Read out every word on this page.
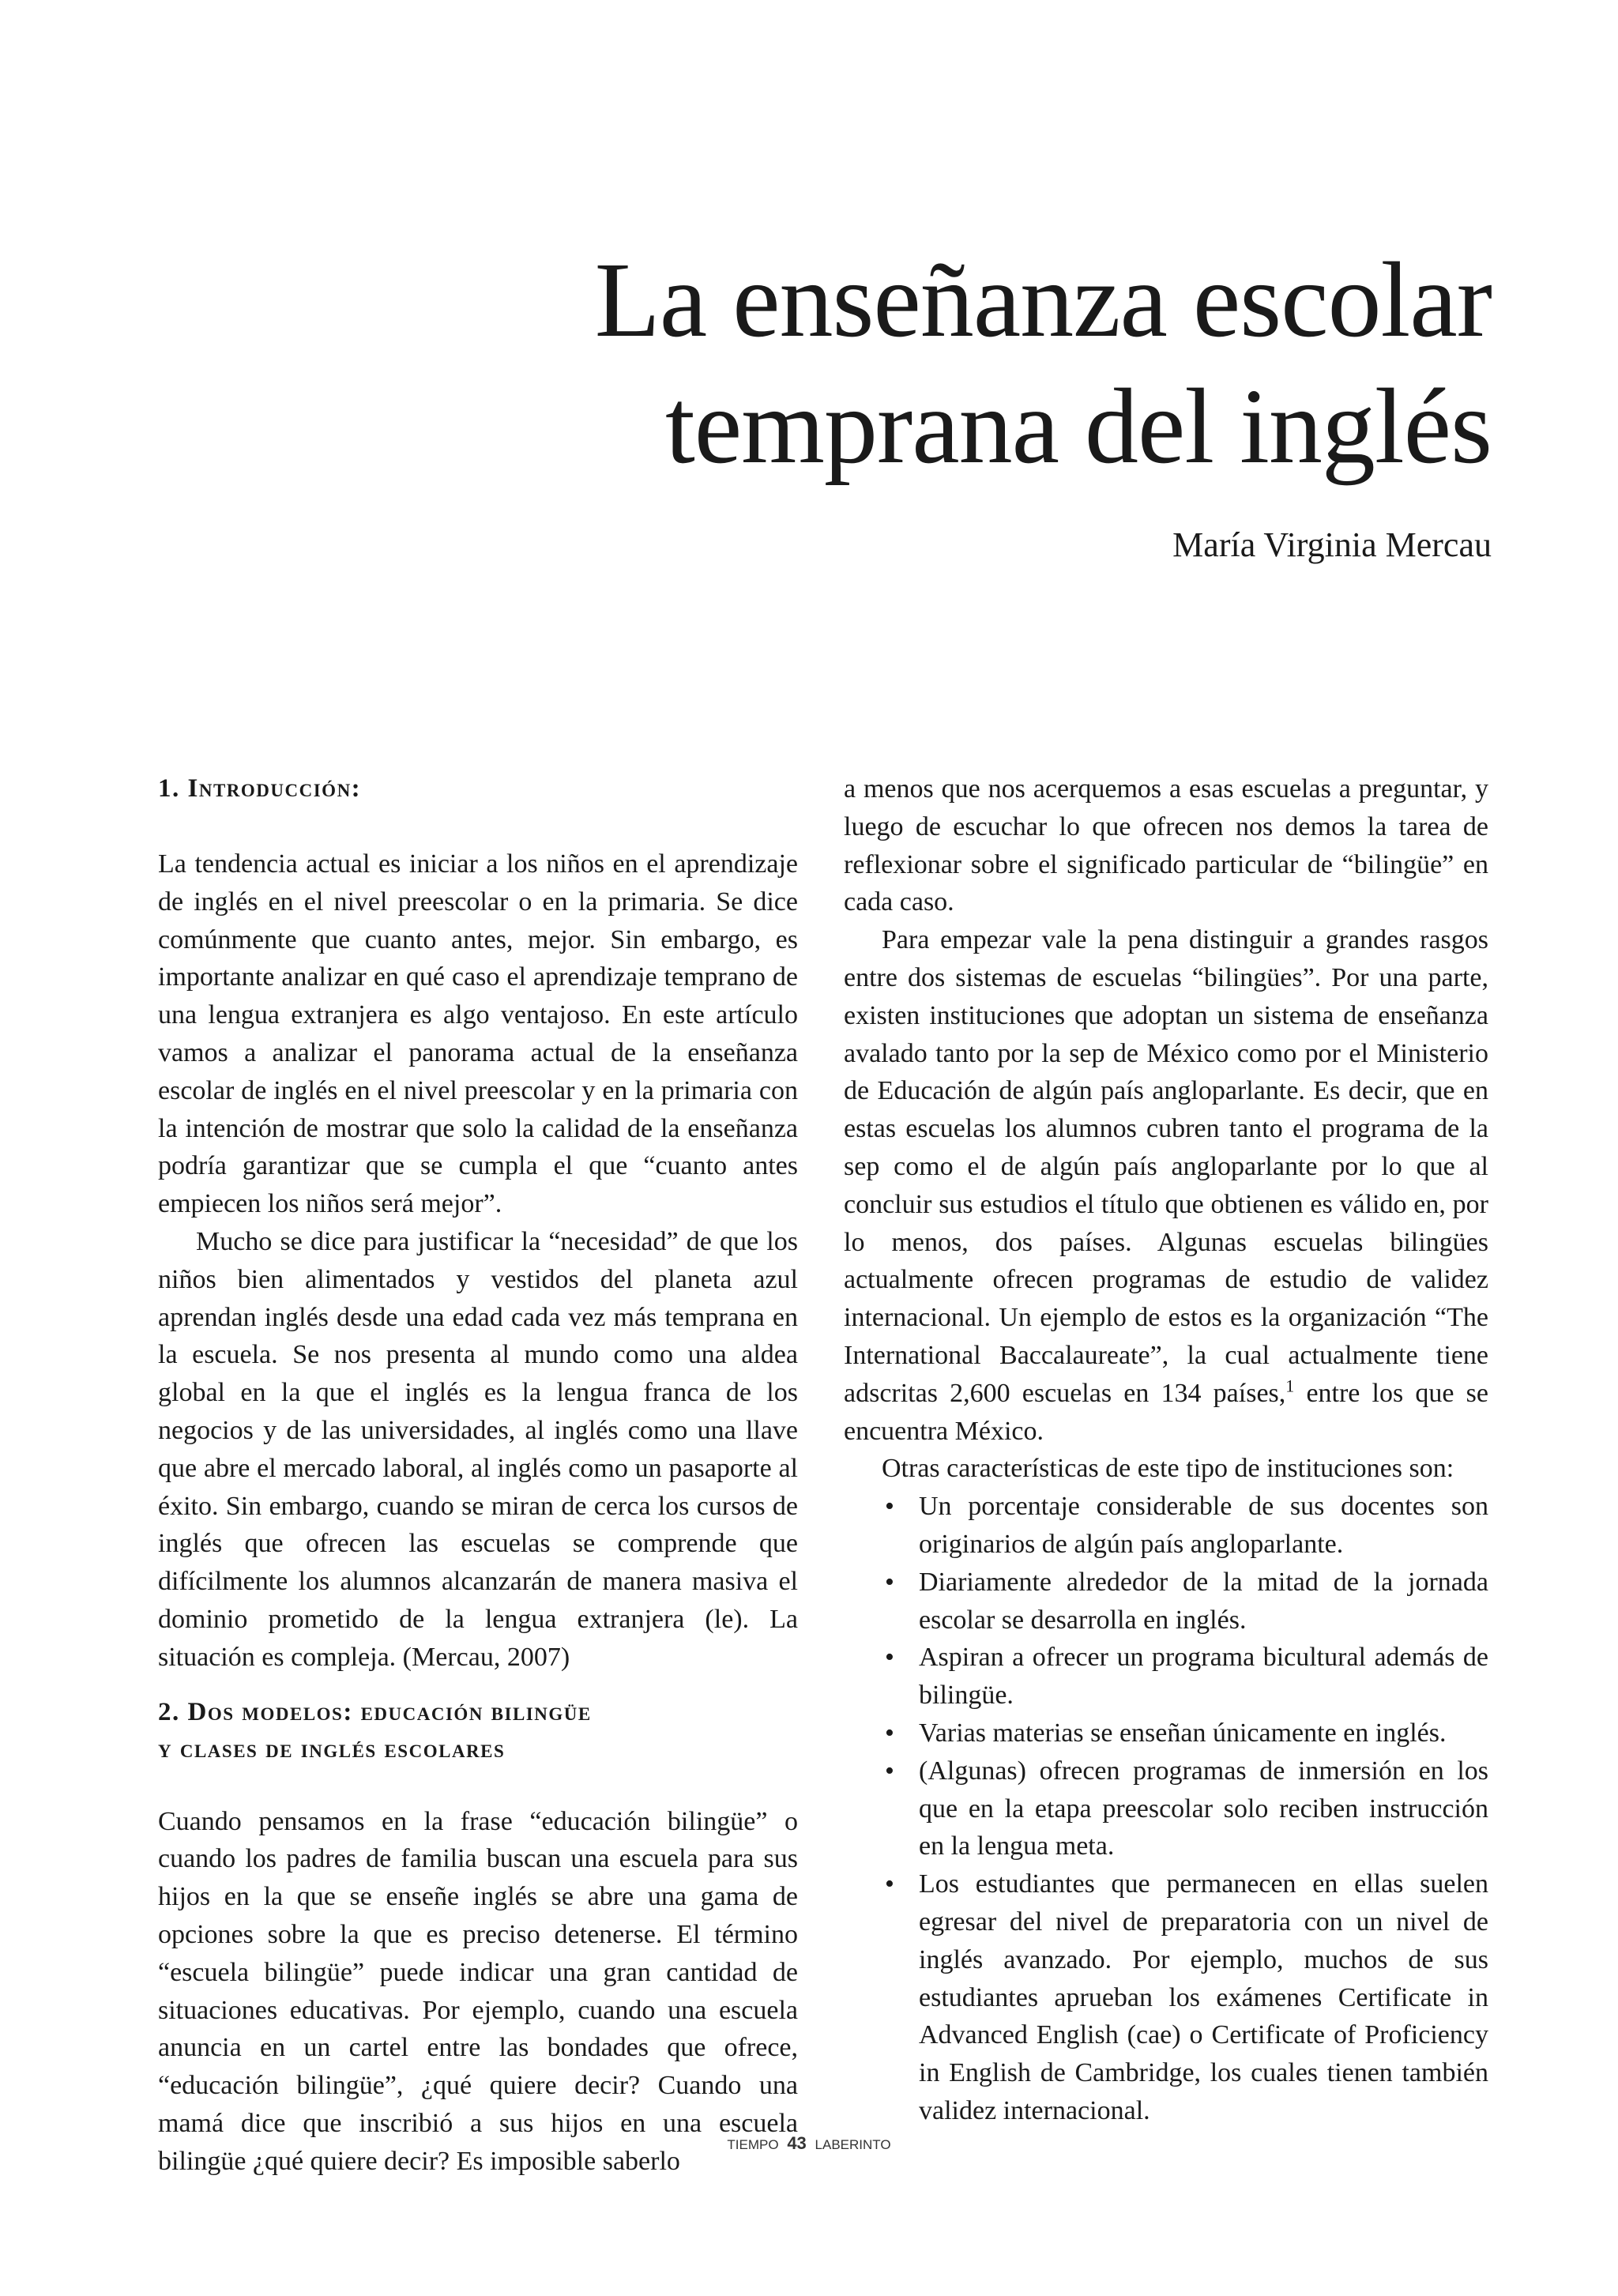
La enseñanza escolar
temprana del inglés
María Virginia Mercau
1. Introducción:

La tendencia actual es iniciar a los niños en el aprendizaje de inglés en el nivel preescolar o en la primaria. Se dice comúnmente que cuanto antes, mejor. Sin embargo, es importante analizar en qué caso el aprendizaje temprano de una lengua extranjera es algo ventajoso. En este artículo vamos a analizar el panorama actual de la enseñanza escolar de inglés en el nivel preescolar y en la primaria con la intención de mostrar que solo la calidad de la enseñanza podría garantizar que se cumpla el que “cuanto antes empiecen los niños será mejor”.

Mucho se dice para justificar la “necesidad” de que los niños bien alimentados y vestidos del planeta azul aprendan inglés desde una edad cada vez más temprana en la escuela. Se nos presenta al mundo como una aldea global en la que el inglés es la lengua franca de los negocios y de las universidades, al inglés como una llave que abre el mercado laboral, al inglés como un pasaporte al éxito. Sin embargo, cuando se miran de cerca los cursos de inglés que ofrecen las escuelas se comprende que difícilmente los alumnos alcanzarán de manera masiva el dominio prometido de la lengua extranjera (le). La situación es compleja. (Mercau, 2007)

2. Dos modelos: educación bilingüe
y clases de inglés escolares

Cuando pensamos en la frase “educación bilingüe” o cuando los padres de familia buscan una escuela para sus hijos en la que se enseñe inglés se abre una gama de opciones sobre la que es preciso detenerse. El término “escuela bilingüe” puede indicar una gran cantidad de situaciones educativas. Por ejemplo, cuando una escuela anuncia en un cartel entre las bondades que ofrece, “educación bilingüe”, ¿qué quiere decir? Cuando una mamá dice que inscribió a sus hijos en una escuela bilingüe ¿qué quiere decir? Es imposible saberlo

a menos que nos acerquemos a esas escuelas a preguntar, y luego de escuchar lo que ofrecen nos demos la tarea de reflexionar sobre el significado particular de “bilingüe” en cada caso.

Para empezar vale la pena distinguir a grandes rasgos entre dos sistemas de escuelas “bilingües”. Por una parte, existen instituciones que adoptan un sistema de enseñanza avalado tanto por la sep de México como por el Ministerio de Educación de algún país angloparlante. Es decir, que en estas escuelas los alumnos cubren tanto el programa de la sep como el de algún país angloparlante por lo que al concluir sus estudios el título que obtienen es válido en, por lo menos, dos países. Algunas escuelas bilingües actualmente ofrecen programas de estudio de validez internacional. Un ejemplo de estos es la organización “The International Baccalaureate”, la cual actualmente tiene adscritas 2,600 escuelas en 134 países,$^1$ entre los que se encuentra México.

Otras características de este tipo de instituciones son:

• Un porcentaje considerable de sus docentes son originarios de algún país angloparlante.
• Diariamente alrededor de la mitad de la jornada escolar se desarrolla en inglés.
• Aspiran a ofrecer un programa bicultural además de bilingüe.
• Varias materias se enseñan únicamente en inglés.
• (Algunas) ofrecen programas de inmersión en los que en la etapa preescolar solo reciben instrucción en la lengua meta.
• Los estudiantes que permanecen en ellas suelen egresar del nivel de preparatoria con un nivel de inglés avanzado. Por ejemplo, muchos de sus estudiantes aprueban los exámenes Certificate in Advanced English (cae) o Certificate of Proficiency in English de Cambridge, los cuales tienen también validez internacional.
TIEMPO 43 LABERINTO
